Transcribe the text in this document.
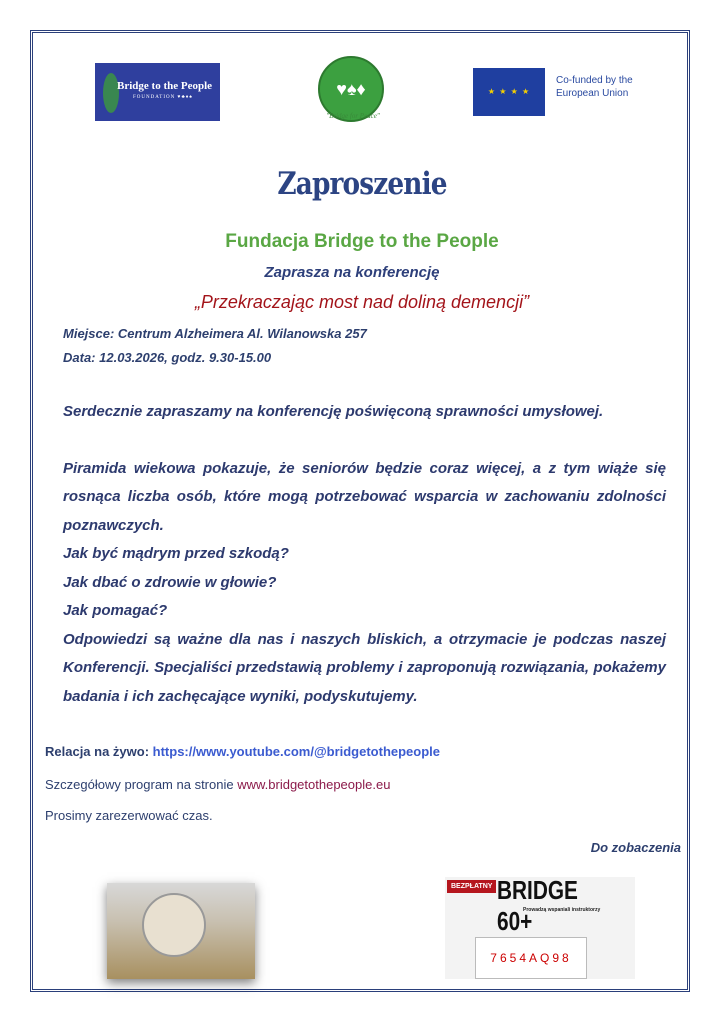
Bridge to the People
FOUNDATION ♥♣♦♠	♥♠♦
"Bridge for Peace"
★ ★ ★ ★
Co-funded by the European Union
Zaproszenie
Fundacja Bridge to the People
Zaprasza na konferencję
„Przekraczając most nad doliną demencji”
Miejsce: Centrum Alzheimera Al. Wilanowska 257
Data: 12.03.2026, godz. 9.30-15.00

Serdecznie zapraszamy na konferencję poświęconą sprawności umysłowej.

Piramida wiekowa pokazuje, że seniorów będzie coraz więcej, a z tym wiąże się rosnąca liczba osób, które mogą potrzebować wsparcia w zachowaniu zdolności poznawczych.

Jak być mądrym przed szkodą?

Jak dbać o zdrowie w głowie?

Jak pomagać?

Odpowiedzi są ważne dla nas i naszych bliskich, a otrzymacie je podczas naszej Konferencji. Specjaliści przedstawią problemy i zaproponują rozwiązania, pokażemy badania i ich zachęcające wyniki, podyskutujemy.

Relacja na żywo: https://www.youtube.com/@bridgetothepeople
Szczegółowy program na stronie www.bridgetothepeople.eu
Prosimy zarezerwować czas.
Do zobaczenia
BEZPŁATNY BRIDGE 60+
Prowadzą wspaniali instruktorzy
7654AQ98
